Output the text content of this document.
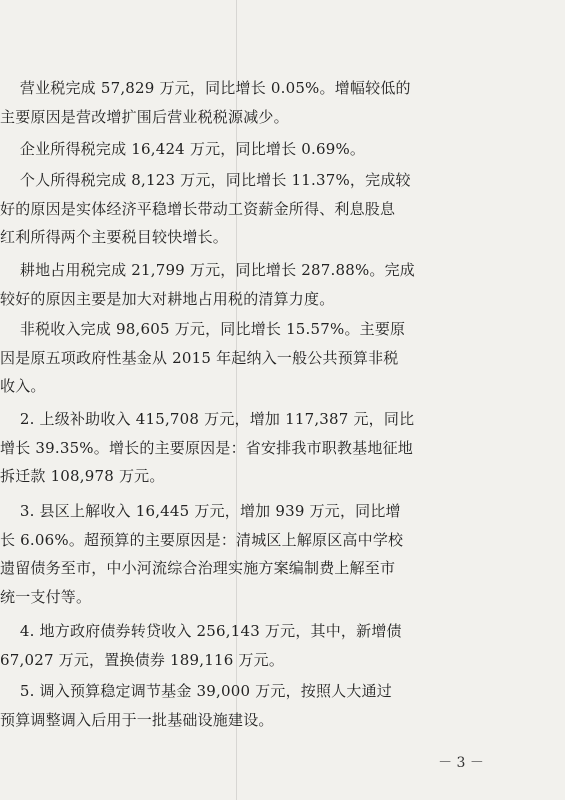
营业税完成 57,829 万元，同比增长 0.05%。增幅较低的
主要原因是营改增扩围后营业税税源减少。

企业所得税完成 16,424 万元，同比增长 0.69%。

个人所得税完成 8,123 万元，同比增长 11.37%，完成较
好的原因是实体经济平稳增长带动工资薪金所得、利息股息
红利所得两个主要税目较快增长。

耕地占用税完成 21,799 万元，同比增长 287.88%。完成
较好的原因主要是加大对耕地占用税的清算力度。

非税收入完成 98,605 万元，同比增长 15.57%。主要原
因是原五项政府性基金从 2015 年起纳入一般公共预算非税
收入。

2. 上级补助收入 415,708 万元，增加 117,387 元，同比
增长 39.35%。增长的主要原因是：省安排我市职教基地征地
拆迁款 108,978 万元。

3. 县区上解收入 16,445 万元，增加 939 万元，同比增
长 6.06%。超预算的主要原因是：清城区上解原区高中学校
遗留债务至市，中小河流综合治理实施方案编制费上解至市
统一支付等。

4. 地方政府债券转贷收入 256,143 万元，其中，新增债
67,027 万元，置换债券 189,116 万元。

5. 调入预算稳定调节基金 39,000 万元，按照人大通过
预算调整调入后用于一批基础设施建设。

－ 3 －
